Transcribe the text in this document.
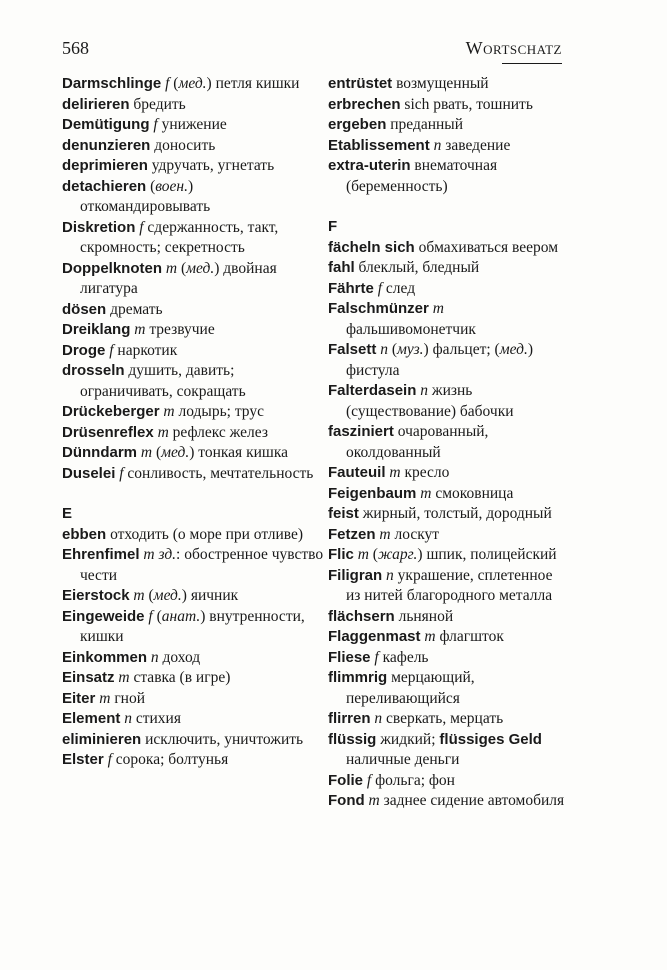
568	Wortschatz
Darmschlinge f (мед.) петля кишки
delirieren бредить
Demütigung f унижение
denunzieren доносить
deprimieren удручать, угнетать
detachieren (воен.) откомандировывать
Diskretion f сдержанность, такт, скромность; секретность
Doppelknoten m (мед.) двойная лигатура
dösen дремать
Dreiklang m трезвучие
Droge f наркотик
drosseln душить, давить; ограничивать, сокращать
Drückeberger m лодырь; трус
Drüsenreflex m рефлекс желез
Dünndarm m (мед.) тонкая кишка
Duselei f сонливость, мечтательность
E
ebben отходить (о море при отливе)
Ehrenfimel m зд.: обостренное чувство чести
Eierstock m (мед.) яичник
Eingeweide f (анат.) внутренности, кишки
Einkommen n доход
Einsatz m ставка (в игре)
Eiter m гной
Element n стихия
eliminieren исключить, уничтожить
Elster f сорока; болтунья
entrüstet возмущенный
erbrechen sich рвать, тошнить
ergeben преданный
Etablissement n заведение
extra-uterin внематочная (беременность)
F
fächeln sich обмахиваться веером
fahl блеклый, бледный
Fährte f след
Falschmünzer m фальшивомонетчик
Falsett n (муз.) фальцет; (мед.) фистула
Falterdasein n жизнь (существование) бабочки
fasziniert очарованный, околдованный
Fauteuil m кресло
Feigenbaum m смоковница
feist жирный, толстый, дородный
Fetzen m лоскут
Flic m (жарг.) шпик, полицейский
Filigran n украшение, сплетенное из нитей благородного металла
flächsern льняной
Flaggenmast m флагшток
Fliese f кафель
flimmrig мерцающий, переливающийся
flirren n сверкать, мерцать
flüssig жидкий; flüssiges Geld наличные деньги
Folie f фольга; фон
Fond m заднее сидение автомобиля
